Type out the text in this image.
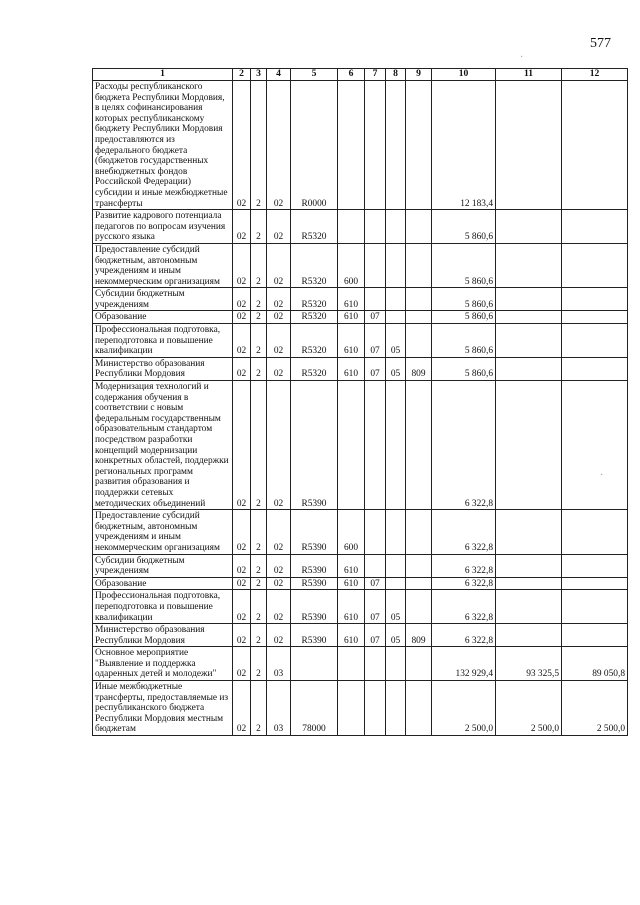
577
1	2	3	4	5	6	7	8	9	10	11	12
Расходы республиканского бюджета Республики Мордовия, в целях софинансирования которых республиканскому бюджету Республики Мордовия предоставляются из федерального бюджета (бюджетов государственных внебюджетных фондов Российской Федерации) субсидии и иные межбюджетные трансферты	02	2	02	R0000					12 183,4		
Развитие кадрового потенциала педагогов по вопросам изучения русского языка	02	2	02	R5320					5 860,6		
Предоставление субсидий бюджетным, автономным учреждениям и иным некоммерческим организациям	02	2	02	R5320	600				5 860,6		
Субсидии бюджетным учреждениям	02	2	02	R5320	610				5 860,6		
Образование	02	2	02	R5320	610	07			5 860,6		
Профессиональная подготовка, переподготовка и повышение квалификации	02	2	02	R5320	610	07	05		5 860,6		
Министерство образования Республики Мордовия	02	2	02	R5320	610	07	05	809	5 860,6		
Модернизация технологий и содержания обучения в соответствии с новым федеральным государственным образовательным стандартом посредством разработки концепций модернизации конкретных областей, поддержки региональных программ развития образования и поддержки сетевых методических объединений	02	2	02	R5390					6 322,8		
Предоставление субсидий бюджетным, автономным учреждениям и иным некоммерческим организациям	02	2	02	R5390	600				6 322,8		
Субсидии бюджетным учреждениям	02	2	02	R5390	610				6 322,8		
Образование	02	2	02	R5390	610	07			6 322,8		
Профессиональная подготовка, переподготовка и повышение квалификации	02	2	02	R5390	610	07	05		6 322,8		
Министерство образования Республики Мордовия	02	2	02	R5390	610	07	05	809	6 322,8		
Основное мероприятие "Выявление и поддержка одаренных детей и молодежи"	02	2	03						132 929,4	93 325,5	89 050,8
Иные межбюджетные трансферты, предоставляемые из республиканского бюджета Республики Мордовия местным бюджетам	02	2	03	78000					2 500,0	2 500,0	2 500,0
·
·
